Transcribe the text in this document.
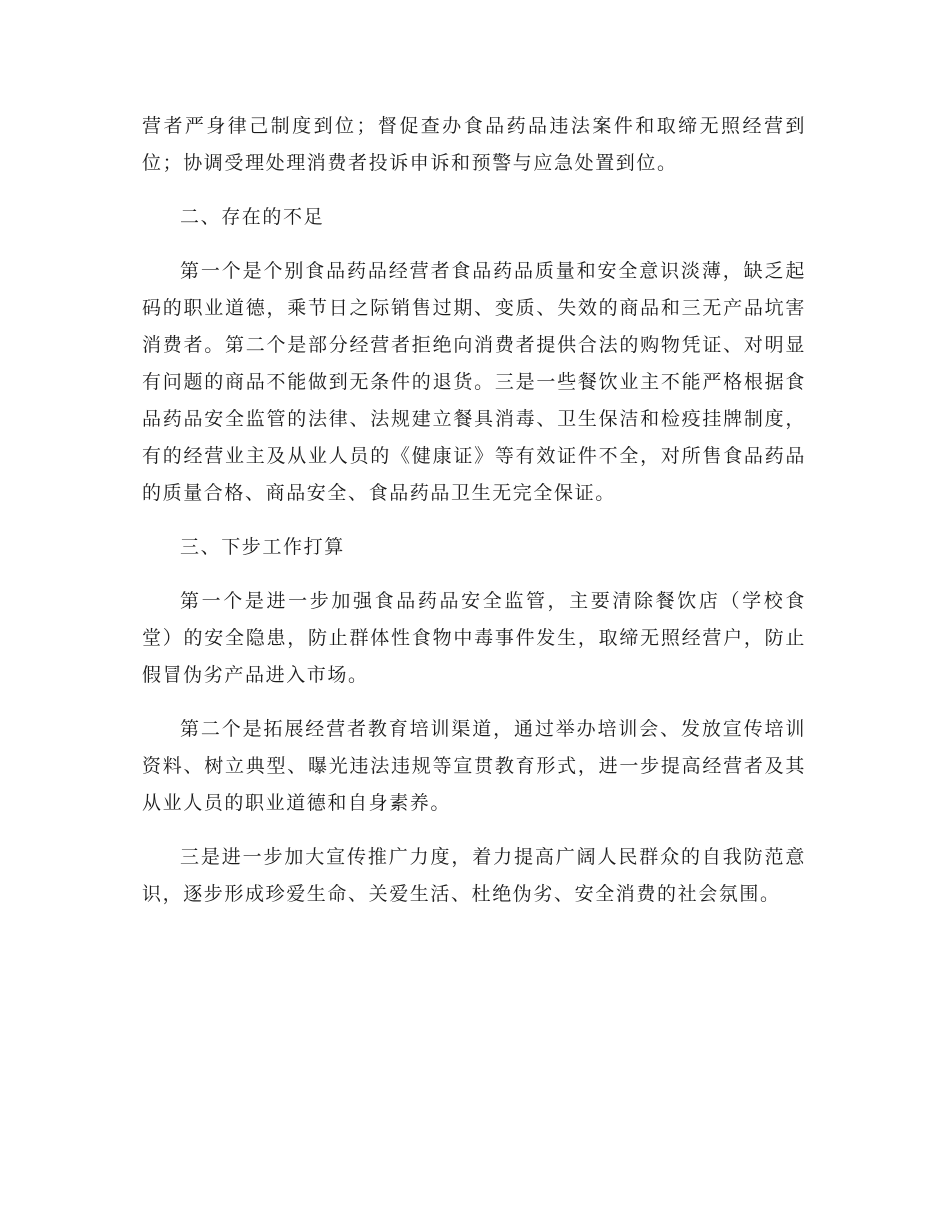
营者严身律己制度到位；督促查办食品药品违法案件和取缔无照经营到位；协调受理处理消费者投诉申诉和预警与应急处置到位。

二、存在的不足

第一个是个别食品药品经营者食品药品质量和安全意识淡薄，缺乏起码的职业道德，乘节日之际销售过期、变质、失效的商品和三无产品坑害消费者。第二个是部分经营者拒绝向消费者提供合法的购物凭证、对明显有问题的商品不能做到无条件的退货。三是一些餐饮业主不能严格根据食品药品安全监管的法律、法规建立餐具消毒、卫生保洁和检疫挂牌制度，有的经营业主及从业人员的《健康证》等有效证件不全，对所售食品药品的质量合格、商品安全、食品药品卫生无完全保证。

三、下步工作打算

第一个是进一步加强食品药品安全监管，主要清除餐饮店（学校食堂）的安全隐患，防止群体性食物中毒事件发生，取缔无照经营户，防止假冒伪劣产品进入市场。

第二个是拓展经营者教育培训渠道，通过举办培训会、发放宣传培训资料、树立典型、曝光违法违规等宣贯教育形式，进一步提高经营者及其从业人员的职业道德和自身素养。

三是进一步加大宣传推广力度，着力提高广阔人民群众的自我防范意识，逐步形成珍爱生命、关爱生活、杜绝伪劣、安全消费的社会氛围。
